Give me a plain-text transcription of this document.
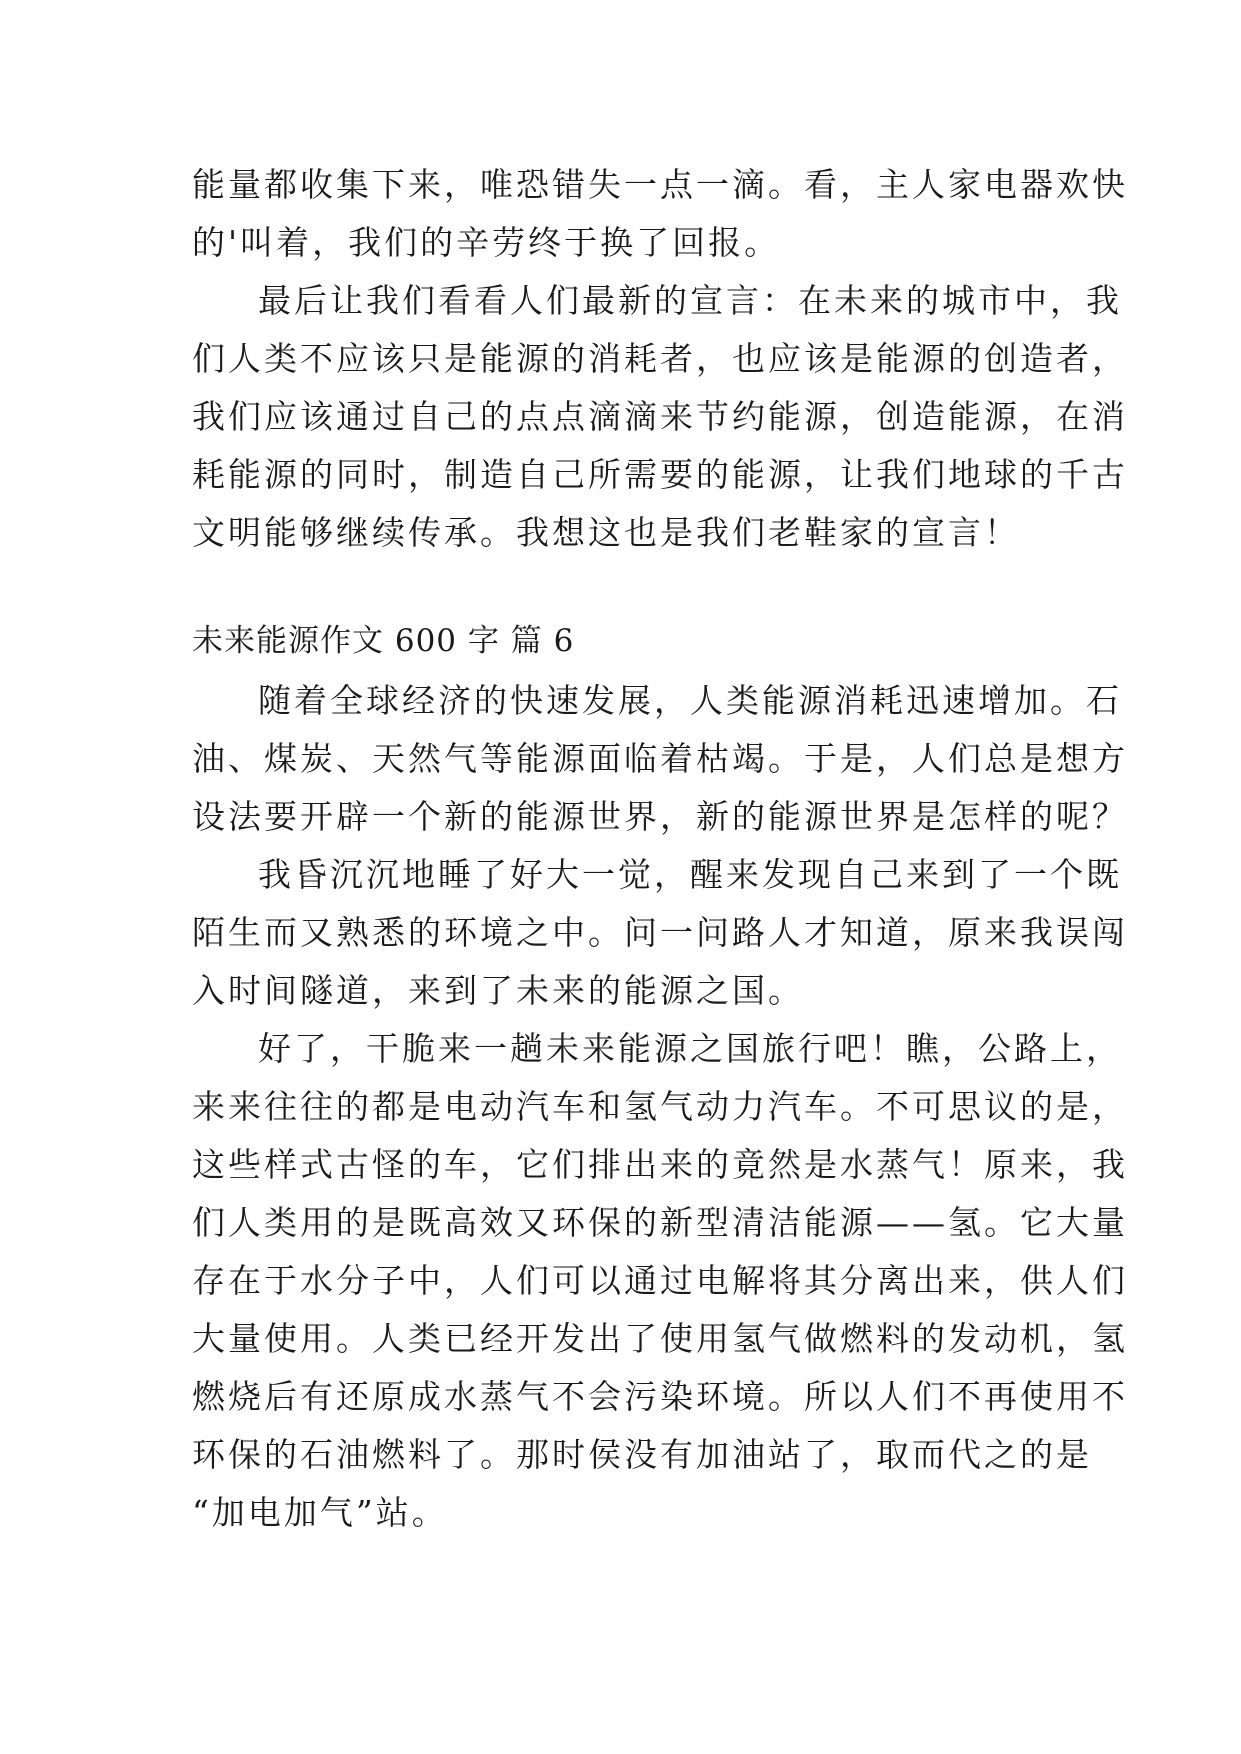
能量都收集下来，唯恐错失一点一滴。看，主人家电器欢快
的'叫着，我们的辛劳终于换了回报。

最后让我们看看人们最新的宣言：在未来的城市中，我
们人类不应该只是能源的消耗者，也应该是能源的创造者，
我们应该通过自己的点点滴滴来节约能源，创造能源，在消
耗能源的同时，制造自己所需要的能源，让我们地球的千古
文明能够继续传承。我想这也是我们老鞋家的宣言！

未来能源作文 600 字 篇 6

随着全球经济的快速发展，人类能源消耗迅速增加。石
油、煤炭、天然气等能源面临着枯竭。于是，人们总是想方
设法要开辟一个新的能源世界，新的能源世界是怎样的呢？

我昏沉沉地睡了好大一觉，醒来发现自己来到了一个既
陌生而又熟悉的环境之中。问一问路人才知道，原来我误闯
入时间隧道，来到了未来的能源之国。

好了，干脆来一趟未来能源之国旅行吧！瞧，公路上，
来来往往的都是电动汽车和氢气动力汽车。不可思议的是，
这些样式古怪的车，它们排出来的竟然是水蒸气！原来，我
们人类用的是既高效又环保的新型清洁能源——氢。它大量
存在于水分子中，人们可以通过电解将其分离出来，供人们
大量使用。人类已经开发出了使用氢气做燃料的发动机，氢
燃烧后有还原成水蒸气不会污染环境。所以人们不再使用不
环保的石油燃料了。那时侯没有加油站了，取而代之的是
“加电加气”站。
